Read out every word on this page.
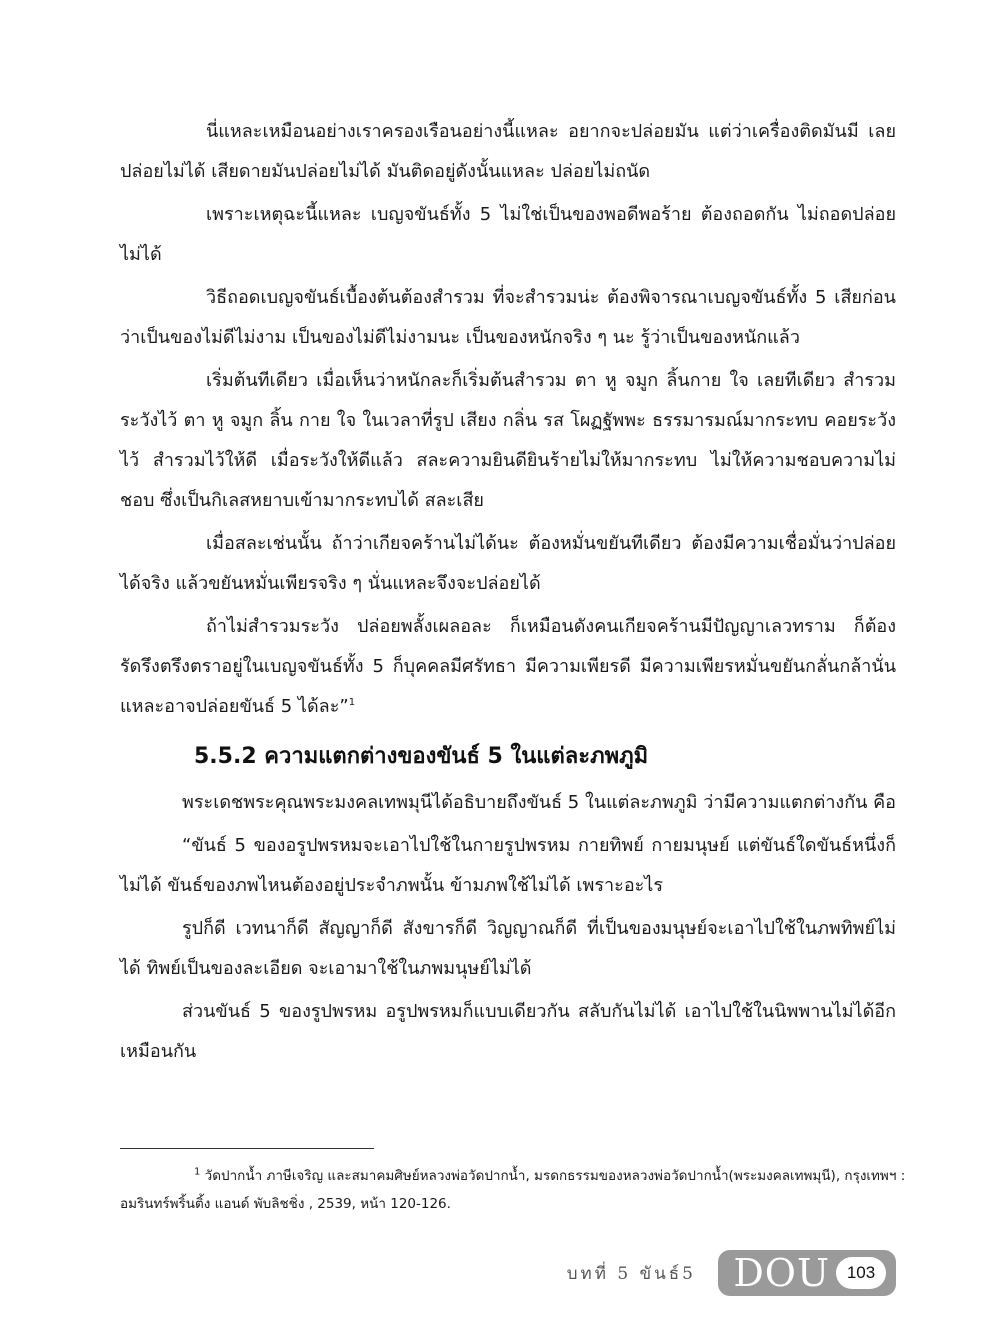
นี่แหละเหมือนอย่างเราครองเรือนอย่างนี้แหละ อยากจะปล่อยมัน แต่ว่าเครื่องติดมันมี เลยปล่อยไม่ได้ เสียดายมันปล่อยไม่ได้ มันติดอยู่ดังนั้นแหละ ปล่อยไม่ถนัด

เพราะเหตุฉะนี้แหละ เบญจขันธ์ทั้ง 5 ไม่ใช่เป็นของพอดีพอร้าย ต้องถอดกัน ไม่ถอดปล่อยไม่ได้

วิธีถอดเบญจขันธ์เบื้องต้นต้องสำรวม ที่จะสำรวมน่ะ ต้องพิจารณาเบญจขันธ์ทั้ง 5 เสียก่อน ว่าเป็นของไม่ดีไม่งาม เป็นของไม่ดีไม่งามนะ เป็นของหนักจริง ๆ นะ รู้ว่าเป็นของหนักแล้ว

เริ่มต้นทีเดียว เมื่อเห็นว่าหนักละก็เริ่มต้นสำรวม ตา หู จมูก ลิ้นกาย ใจ เลยทีเดียว สำรวมระวังไว้ ตา หู จมูก ลิ้น กาย ใจ ในเวลาที่รูป เสียง กลิ่น รส โผฏฐัพพะ ธรรมารมณ์มากระทบ คอยระวังไว้ สำรวมไว้ให้ดี เมื่อระวังให้ดีแล้ว สละความยินดียินร้ายไม่ให้มากระทบ ไม่ให้ความชอบความไม่ชอบ ซึ่งเป็นกิเลสหยาบเข้ามากระทบได้ สละเสีย

เมื่อสละเช่นนั้น ถ้าว่าเกียจคร้านไม่ได้นะ ต้องหมั่นขยันทีเดียว ต้องมีความเชื่อมั่นว่าปล่อยได้จริง แล้วขยันหมั่นเพียรจริง ๆ นั่นแหละจึงจะปล่อยได้

ถ้าไม่สำรวมระวัง ปล่อยพลั้งเผลอละ ก็เหมือนดังคนเกียจคร้านมีปัญญาเลวทราม ก็ต้องรัดรึงตรึงตราอยู่ในเบญจขันธ์ทั้ง 5 ก็บุคคลมีศรัทธา มีความเพียรดี มีความเพียรหมั่นขยันกลั่นกล้านั่นแหละอาจปล่อยขันธ์ 5 ได้ละ”$^1$

5.5.2 ความแตกต่างของขันธ์ 5 ในแต่ละภพภูมิ

พระเดชพระคุณพระมงคลเทพมุนีได้อธิบายถึงขันธ์ 5 ในแต่ละภพภูมิ ว่ามีความแตกต่างกัน คือ

“ขันธ์ 5 ของอรูปพรหมจะเอาไปใช้ในกายรูปพรหม กายทิพย์ กายมนุษย์ แต่ขันธ์ใดขันธ์หนึ่งก็ไม่ได้ ขันธ์ของภพไหนต้องอยู่ประจำภพนั้น ข้ามภพใช้ไม่ได้ เพราะอะไร

รูปก็ดี เวทนาก็ดี สัญญาก็ดี สังขารก็ดี วิญญาณก็ดี ที่เป็นของมนุษย์จะเอาไปใช้ในภพทิพย์ไม่ได้ ทิพย์เป็นของละเอียด จะเอามาใช้ในภพมนุษย์ไม่ได้

ส่วนขันธ์ 5 ของรูปพรหม อรูปพรหมก็แบบเดียวกัน สลับกันไม่ได้ เอาไปใช้ในนิพพานไม่ได้อีกเหมือนกัน

$^1$ วัดปากน้ำ ภาษีเจริญ และสมาคมศิษย์หลวงพ่อวัดปากน้ำ, มรดกธรรมของหลวงพ่อวัดปากน้ำ(พระมงคลเทพมุนี), กรุงเทพฯ : อมรินทร์พริ้นติ้ง แอนด์ พับลิชชิ่ง , 2539, หน้า 120-126.
บทที่ 5 ขันธ์5 DOU 103
